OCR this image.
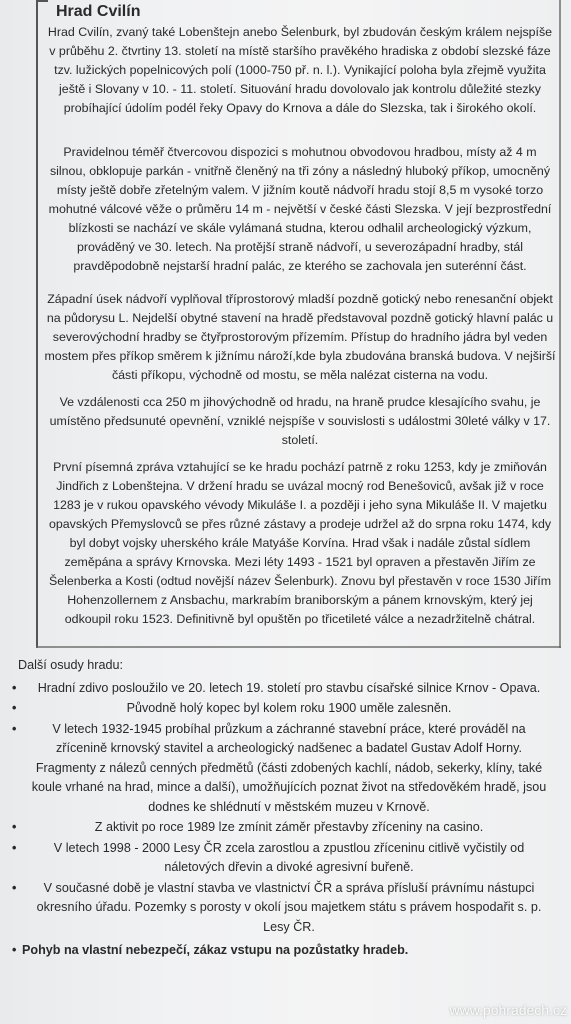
Hrad Cvilín

Hrad Cvilín, zvaný také Lobenštejn anebo Šelenburk, byl zbudován českým králem nejspíše v průběhu 2. čtvrtiny 13. století na místě staršího pravěkého hradiska z období slezské fáze tzv. lužických popelnicových polí (1000-750 př. n. l.). Vynikající poloha byla zřejmě využita ještě i Slovany v 10. - 11. století. Situování hradu dovolovalo jak kontrolu důležité stezky probíhající údolím podél řeky Opavy do Krnova a dále do Slezska, tak i širokého okolí.

Pravidelnou téměř čtvercovou dispozici s mohutnou obvodovou hradbou, místy až 4 m silnou, obklopuje parkán - vnitřně členěný na tři zóny a následný hluboký příkop, umocněný místy ještě dobře zřetelným valem. V jižním koutě nádvoří hradu stojí 8,5 m vysoké torzo mohutné válcové věže o průměru 14 m - největší v české části Slezska. V její bezprostřední blízkosti se nachází ve skále vylámaná studna, kterou odhalil archeologický výzkum, prováděný ve 30. letech. Na protější straně nádvoří, u severozápadní hradby, stál pravděpodobně nejstarší hradní palác, ze kterého se zachovala jen suterénní část.

Západní úsek nádvoří vyplňoval tříprostorový mladší pozdně gotický nebo renesanční objekt na půdorysu L. Nejdelší obytné stavení na hradě představoval pozdně gotický hlavní palác u severovýchodní hradby se čtyřprostorovým přízemím. Přístup do hradního jádra byl veden mostem přes příkop směrem k jižnímu nároží,kde byla zbudována branská budova. V nejširší části příkopu, východně od mostu, se měla nalézat cisterna na vodu.

Ve vzdálenosti cca 250 m jihovýchodně od hradu, na hraně prudce klesajícího svahu, je umístěno předsunuté opevnění, vzniklé nejspíše v souvislosti s událostmi 30leté války v 17. století.

První písemná zpráva vztahující se ke hradu pochází patrně z roku 1253, kdy je zmiňován Jindřich z Lobenštejna. V držení hradu se uvázal mocný rod Benešoviců, avšak již v roce 1283 je v rukou opavského vévody Mikuláše I. a později i jeho syna Mikuláše II. V majetku opavských Přemyslovců se přes různé zástavy a prodeje udržel až do srpna roku 1474, kdy byl dobyt vojsky uherského krále Matyáše Korvína. Hrad však i nadále zůstal sídlem zeměpána a správy Krnovska. Mezi léty 1493 - 1521 byl opraven a přestavěn Jiřím ze Šelenberka a Kosti (odtud novější název Šelenburk). Znovu byl přestavěn v roce 1530 Jiřím Hohenzollernem z Ansbachu, markrabím braniborským a pánem krnovským, který jej odkoupil roku 1523. Definitivně byl opuštěn po třicetileté válce a nezadržitelně chátral.

Další osudy hradu:
• Hradní zdivo posloužilo ve 20. letech 19. století pro stavbu císařské silnice Krnov - Opava.
• Původně holý kopec byl kolem roku 1900 uměle zalesněn.
• V letech 1932-1945 probíhal průzkum a záchranné stavební práce, které prováděl na zřícenině krnovský stavitel a archeologický nadšenec a badatel Gustav Adolf Horny. Fragmenty z nálezů cenných předmětů (části zdobených kachlí, nádob, sekerky, klíny, také koule vrhané na hrad, mince a další), umožňujících poznat život na středověkém hradě, jsou dodnes ke shlédnutí v městském muzeu v Krnově.
• Z aktivit po roce 1989 lze zmínit záměr přestavby zříceniny na casino.
• V letech 1998 - 2000 Lesy ČR zcela zarostlou a zpustlou zříceninu citlivě vyčistily od náletových dřevin a divoké agresivní buřeně.
• V současné době je vlastní stavba ve vlastnictví ČR a správa přísluší právnímu nástupci okresního úřadu. Pozemky s porosty v okolí jsou majetkem státu s právem hospodařit s. p. Lesy ČR.
• Pohyb na vlastní nebezpečí, zákaz vstupu na pozůstatky hradeb.
www.pohradech.cz
